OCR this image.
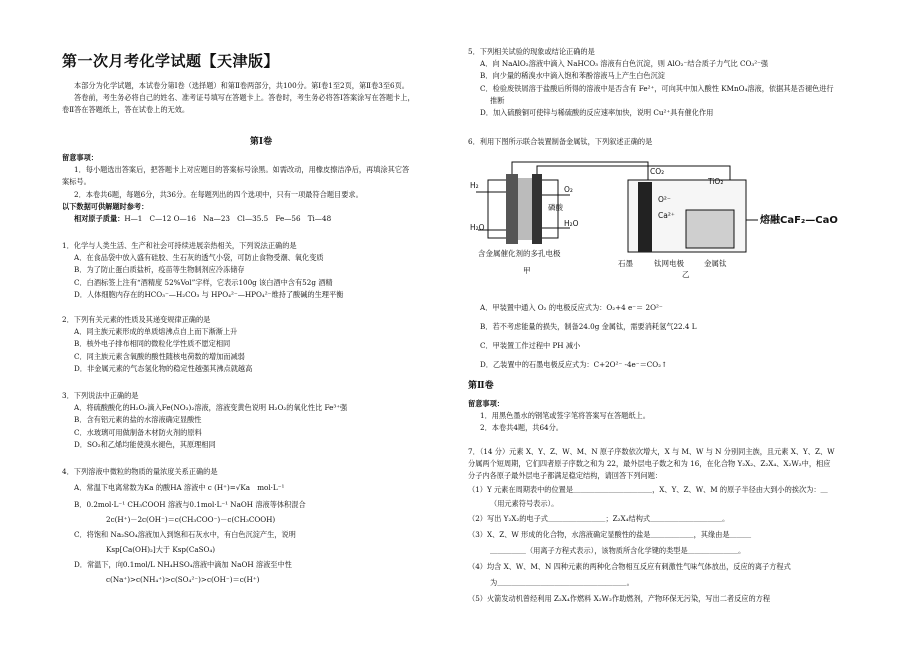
第一次月考化学试题【天津版】

本部分为化学试题，本试卷分第Ⅰ卷（选择题）和第Ⅱ卷两部分，共100分。第Ⅰ卷1至2页，第Ⅱ卷3至6页。

答卷前，考生务必将自己的姓名、准考证号填写在答题卡上。答卷时，考生务必将答Ⅰ答案涂写在答题卡上，

卷Ⅱ答在答题纸上，答在试卷上的无效。

第Ⅰ卷

留意事项：

1．每小题选出答案后，把答题卡上对应题目的答案标号涂黑。如需改动，用橡皮擦洁净后，再填涂其它答

案标号。

2．本卷共6题，每题6分，共36分。在每题列出的四个选项中，只有一项最符合题目要求。

以下数据可供解题时参考：

相对原子质量：H—1　C—12 O—16　Na—23　Cl—35.5　Fe—56　Ti—48

1．化学与人类生活、生产和社会可持续进展亲热相关，下列说法正确的是

A．在食品袋中放入盛有硅胶、生石灰的透气小袋，可防止食物受潮、氧化变质

B．为了防止蛋白质盐析，疫苗等生物制剂应冷冻储存

C．白酒标签上注有“酒精度 52%Vol”字样，它表示100g 该白酒中含有52g 酒精

D．人体细胞内存在的HCO₃⁻—H₂CO₃ 与 HPO₄²⁻—HPO₄²⁻维持了酸碱的生理平衡

2．下列有关元素的性质及其递变规律正确的是

A．同主族元素形成的单质熔沸点自上而下渐渐上升

B．核外电子排布相同的微粒化学性质不愿定相同

C．同主族元素含氧酸的酸性随核电荷数的增加而减弱

D．非金属元素的气态氢化物的稳定性越强其沸点就越高

3．下列说法中正确的是

A．将硫酸酸化的H₂O₂滴入Fe(NO₃)₂溶液，溶液变黄色说明 H₂O₂的氧化性比 Fe³⁺强

B．含有铝元素的盐的水溶液确定显酸性

C．水玻璃可用做制备木材防火剂的原料

D．SO₂和乙烯均能使溴水褪色，其原理相同

4．下列溶液中微粒的物质的量浓度关系正确的是

A．常温下电离常数为Ka 的酸HA 溶液中 c (H⁺)=√Ka　mol·L⁻¹

B．0.2mol·L⁻¹ CH₃COOH 溶液与0.1mol·L⁻¹ NaOH 溶液等体积混合

2c(H⁺)－2c(OH⁻)＝c(CH₃COO⁻)－c(CH₃COOH)

C．将饱和 Na₂SO₄溶液加入到饱和石灰水中，有白色沉淀产生，说明

Ksp[Ca(OH)₂]大于 Ksp(CaSO₄)

D．常温下，向0.1mol/L NH₄HSO₄溶液中滴加 NaOH 溶液至中性

c(Na⁺)>c(NH₄⁺)>c(SO₄²⁻)>c(OH⁻)＝c(H⁺)

5．下列相关试验的现象或结论正确的是

A．向 NaAlO₂溶液中滴入 NaHCO₃ 溶液有白色沉淀，则 AlO₂⁻结合质子力气比 CO₃²⁻强

B．向少量的稀溴水中滴入饱和苯酚溶液马上产生白色沉淀

C．检验废铁屑溶于盐酸后所得的溶液中是否含有 Fe²⁺，可向其中加入酸性 KMnO₄溶液，依据其是否褪色进行

推断

D．加入硫酸铜可使锌与稀硫酸的反应速率加快，说明 Cu²⁺具有催化作用

6．利用下图所示联合装置制备金属钛，下列叙述正确的是

A．甲装置中通入 O₂ 的电极反应式为：O₂+4 e⁻＝ 2O²⁻

B．若不考虑能量的损失，制备24.0g 金属钛，需要消耗氢气22.4 L

C．甲装置工作过程中 PH 减小

D．乙装置中的石墨电极反应式为：C+2O²⁻ -4e⁻＝CO₂↑

第Ⅱ卷

留意事项：

1．用黑色墨水的钢笔或签字笔将答案写在答题纸上。

2．本卷共4题，共64分。

7．（14 分）元素 X、Y、Z、W、M、N 原子序数依次增大，X 与 M、W 与 N 分别同主族，且元素 X、Y、Z、W

分属两个短周期，它们四者原子序数之和为 22，最外层电子数之和为 16，在化合物 Y₂X₂、Z₂X₄、X₂W₂中，相应

分子内各原子最外层电子都满足稳定结构，请回答下列问题：

（1）Y 元素在周期表中的位置是＿＿＿＿＿＿＿＿＿＿＿，X、Y、Z、W、M 的原子半径由大到小的挨次为：＿

（用元素符号表示）。

（2）写出 Y₂X₂的电子式＿＿＿＿＿＿＿＿；Z₂X₄结构式＿＿＿＿＿＿＿＿＿＿。

（3）X、Z、W 形成的化合物，水溶液确定显酸性的盐是＿＿＿＿＿＿，其缘由是＿＿＿

＿＿＿＿＿（用离子方程式表示），该物质所含化学键的类型是＿＿＿＿＿＿＿。

（4）均含 X、W、M、N 四种元素的两种化合物相互反应有刺激性气味气体放出，反应的离子方程式

为＿＿＿＿＿＿＿＿＿＿＿＿＿＿＿＿＿＿。

（5）火箭发动机曾经利用 Z₂X₄作燃料 X₂W₂作助燃剂，产物环保无污染，写出二者反应的方程

H₂	O₂
H₂O	H₂O
磷酸
含金属催化剂的多孔电极
甲
CO₂
TiO₂
O²⁻
Ca²⁺	熔融CaF₂—CaO
石墨	钛网电极	金属钛
乙
